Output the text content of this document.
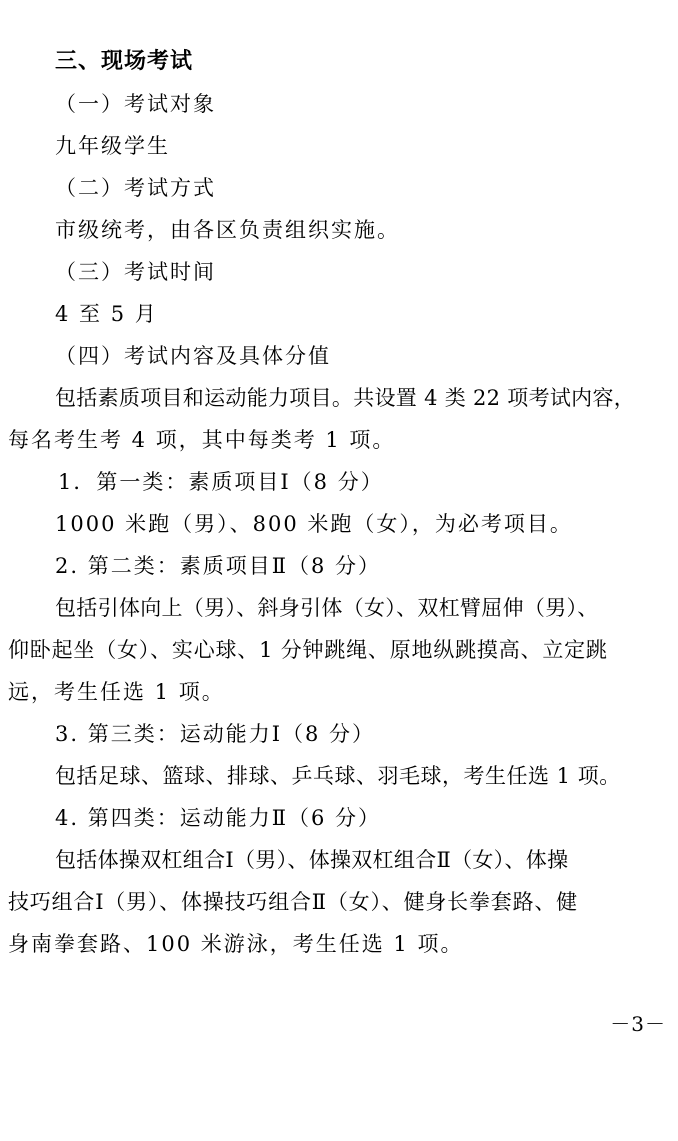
三、现场考试
（一）考试对象
九年级学生
（二）考试方式
市级统考，由各区负责组织实施。
（三）考试时间
4 至 5 月
（四）考试内容及具体分值
包括素质项目和运动能力项目。共设置 4 类 22 项考试内容，
每名考生考 4 项，其中每类考 1 项。
1．第一类：素质项目Ⅰ（8 分）
1000 米跑（男）、800 米跑（女），为必考项目。
2. 第二类：素质项目Ⅱ（8 分）
包括引体向上（男）、斜身引体（女）、双杠臂屈伸（男）、
仰卧起坐（女）、实心球、1 分钟跳绳、原地纵跳摸高、立定跳
远，考生任选 1 项。
3. 第三类：运动能力Ⅰ（8 分）
包括足球、篮球、排球、乒乓球、羽毛球，考生任选 1 项。
4. 第四类：运动能力Ⅱ（6 分）
包括体操双杠组合Ⅰ（男）、体操双杠组合Ⅱ（女）、体操
技巧组合Ⅰ（男）、体操技巧组合Ⅱ（女）、健身长拳套路、健
身南拳套路、100 米游泳，考生任选 1 项。
－3－
